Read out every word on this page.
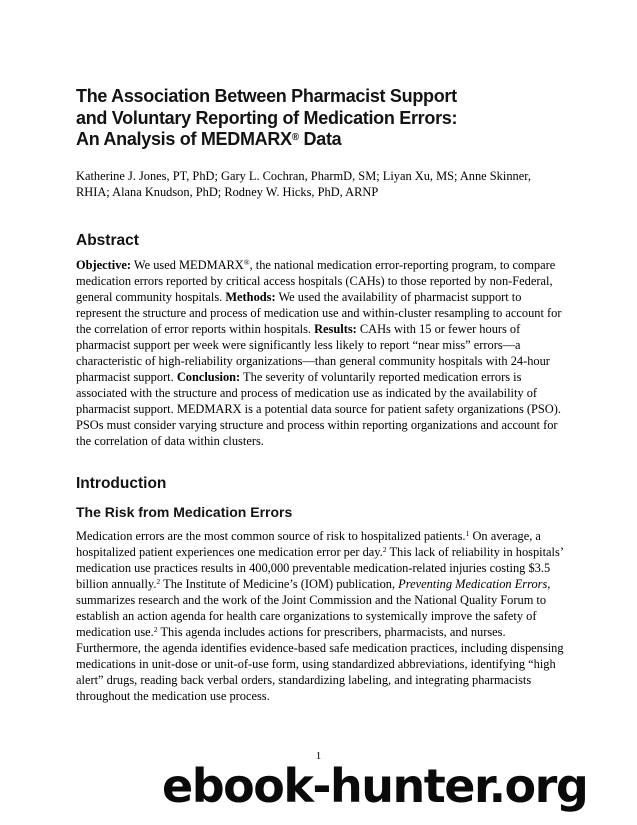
The Association Between Pharmacist Support
and Voluntary Reporting of Medication Errors:
An Analysis of MEDMARX® Data

Katherine J. Jones, PT, PhD; Gary L. Cochran, PharmD, SM; Liyan Xu, MS; Anne Skinner, RHIA; Alana Knudson, PhD; Rodney W. Hicks, PhD, ARNP

Abstract

Objective: We used MEDMARX®, the national medication error-reporting program, to compare medication errors reported by critical access hospitals (CAHs) to those reported by non-Federal, general community hospitals. Methods: We used the availability of pharmacist support to represent the structure and process of medication use and within-cluster resampling to account for the correlation of error reports within hospitals. Results: CAHs with 15 or fewer hours of pharmacist support per week were significantly less likely to report “near miss” errors—a characteristic of high-reliability organizations—than general community hospitals with 24-hour pharmacist support. Conclusion: The severity of voluntarily reported medication errors is associated with the structure and process of medication use as indicated by the availability of pharmacist support. MEDMARX is a potential data source for patient safety organizations (PSO). PSOs must consider varying structure and process within reporting organizations and account for the correlation of data within clusters.

Introduction
The Risk from Medication Errors

Medication errors are the most common source of risk to hospitalized patients.$^1$ On average, a hospitalized patient experiences one medication error per day.$^2$ This lack of reliability in hospitals’ medication use practices results in 400,000 preventable medication-related injuries costing $3.5 billion annually.$^2$ The Institute of Medicine’s (IOM) publication, Preventing Medication Errors, summarizes research and the work of the Joint Commission and the National Quality Forum to establish an action agenda for health care organizations to systemically improve the safety of medication use.$^2$ This agenda includes actions for prescribers, pharmacists, and nurses. Furthermore, the agenda identifies evidence-based safe medication practices, including dispensing medications in unit-dose or unit-of-use form, using standardized abbreviations, identifying “high alert” drugs, reading back verbal orders, standardizing labeling, and integrating pharmacists throughout the medication use process.

1
ebook-hunter.org
